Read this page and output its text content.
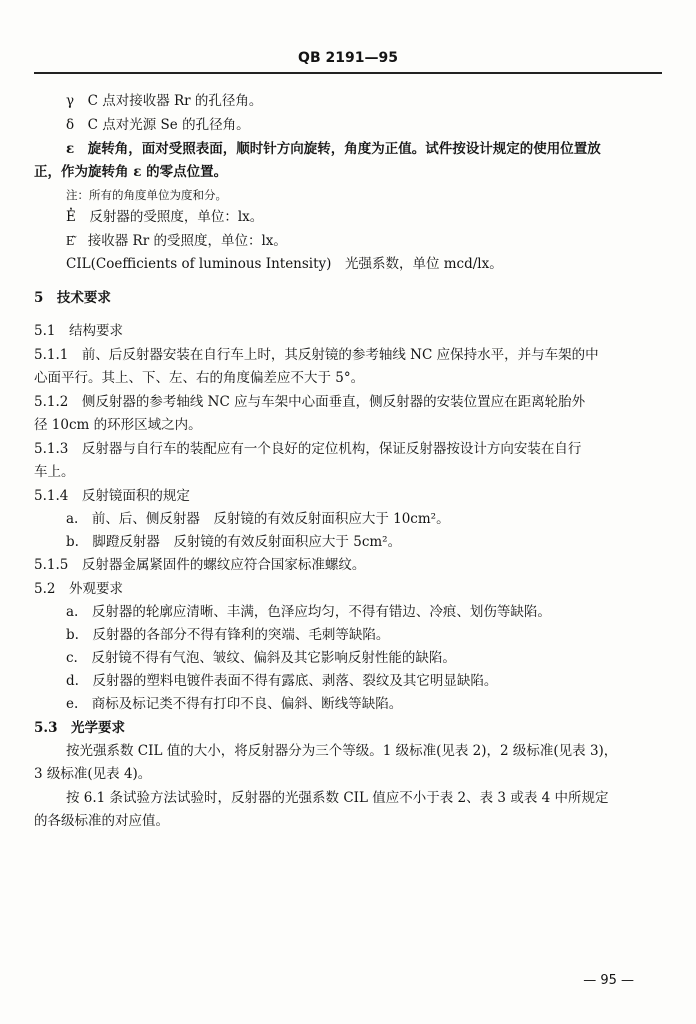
QB 2191—95
γ　C 点对接收器 Rr 的孔径角。
δ　C 点对光源 Se 的孔径角。
ε　旋转角，面对受照表面，顺时针方向旋转，角度为正值。试件按设计规定的使用位置放
正，作为旋转角 ε 的零点位置。
注：所有的角度单位为度和分。
E̓　反射器的受照度，单位：lx。
E͂　接收器 Rr 的受照度，单位：lx。
CIL(Coefficients of luminous Intensity)　光强系数，单位 mcd/lx。
5　技术要求
5.1　结构要求
5.1.1　前、后反射器安装在自行车上时，其反射镜的参考轴线 NC 应保持水平，并与车架的中
心面平行。其上、下、左、右的角度偏差应不大于 5°。
5.1.2　侧反射器的参考轴线 NC 应与车架中心面垂直，侧反射器的安装位置应在距离轮胎外
径 10cm 的环形区域之内。
5.1.3　反射器与自行车的装配应有一个良好的定位机构，保证反射器按设计方向安装在自行
车上。
5.1.4　反射镜面积的规定
a.　前、后、侧反射器　反射镜的有效反射面积应大于 10cm²。
b.　脚蹬反射器　反射镜的有效反射面积应大于 5cm²。
5.1.5　反射器金属紧固件的螺纹应符合国家标准螺纹。
5.2　外观要求
a.　反射器的轮廓应清晰、丰满，色泽应均匀，不得有错边、冷痕、划伤等缺陷。
b.　反射器的各部分不得有锋利的突端、毛刺等缺陷。
c.　反射镜不得有气泡、皱纹、偏斜及其它影响反射性能的缺陷。
d.　反射器的塑料电镀件表面不得有露底、剥落、裂纹及其它明显缺陷。
e.　商标及标记类不得有打印不良、偏斜、断线等缺陷。
5.3　光学要求
按光强系数 CIL 值的大小，将反射器分为三个等级。1 级标准(见表 2)，2 级标准(见表 3)，
3 级标准(见表 4)。
按 6.1 条试验方法试验时，反射器的光强系数 CIL 值应不小于表 2、表 3 或表 4 中所规定
的各级标准的对应值。
— 95 —
